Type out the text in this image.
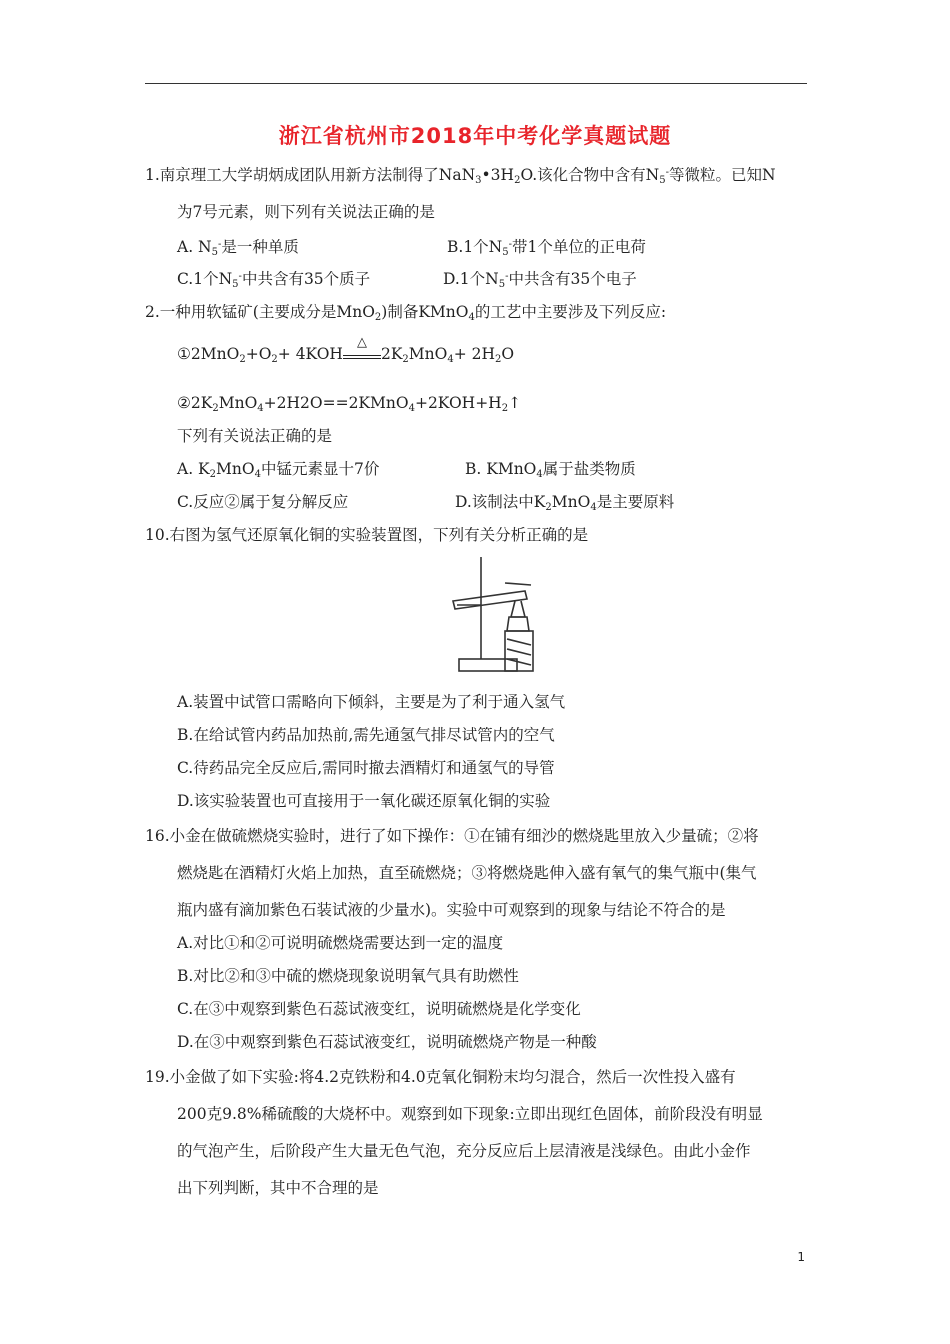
浙江省杭州市2018年中考化学真题试题
1.南京理工大学胡炳成团队用新方法制得了$NaN_3•3H_2O$.该化合物中含有$N_5^-$等微粒。已知N
为7号元素，则下列有关说法正确的是
A. $N_5^-$是一种单质	B.1个$N_5^-$带1个单位的正电荷
C.1个$N_5^-$中共含有35个质子	D.1个$N_5^-$中共含有35个电子
2.一种用软锰矿(主要成分是MnO$_2$)制备KMnO$_4$的工艺中主要涉及下列反应:
$①2MnO_2+O_2+ 4KOH$
△
$2K_2MnO_4+ 2H_2O$
$②2K_2MnO_4+2H2O==2KMnO_4+2KOH+H_2↑$
下列有关说法正确的是
A. $K_2MnO_4$中锰元素显十7价	B. KMnO$_4$属于盐类物质
C.反应②属于复分解反应	D.该制法中$K_2MnO_4$是主要原料
10.右图为氢气还原氧化铜的实验装置图，下列有关分析正确的是
A.装置中试管口需略向下倾斜，主要是为了利于通入氢气
B.在给试管内药品加热前,需先通氢气排尽试管内的空气
C.待药品完全反应后,需同时撤去酒精灯和通氢气的导管
D.该实验装置也可直接用于一氧化碳还原氧化铜的实验
16.小金在做硫燃烧实验时，进行了如下操作：①在铺有细沙的燃烧匙里放入少量硫；②将
燃烧匙在酒精灯火焰上加热，直至硫燃烧；③将燃烧匙伸入盛有氧气的集气瓶中(集气
瓶内盛有滴加紫色石装试液的少量水)。实验中可观察到的现象与结论不符合的是
A.对比①和②可说明硫燃烧需要达到一定的温度
B.对比②和③中硫的燃烧现象说明氧气具有助燃性
C.在③中观察到紫色石蕊试液变红，说明硫燃烧是化学变化
D.在③中观察到紫色石蕊试液变红，说明硫燃烧产物是一种酸
19.小金做了如下实验:将4.2克铁粉和4.0克氧化铜粉末均匀混合，然后一次性投入盛有
200克9.8%稀硫酸的大烧杯中。观察到如下现象:立即出现红色固体，前阶段没有明显
的气泡产生，后阶段产生大量无色气泡，充分反应后上层清液是浅绿色。由此小金作
出下列判断，其中不合理的是
1
